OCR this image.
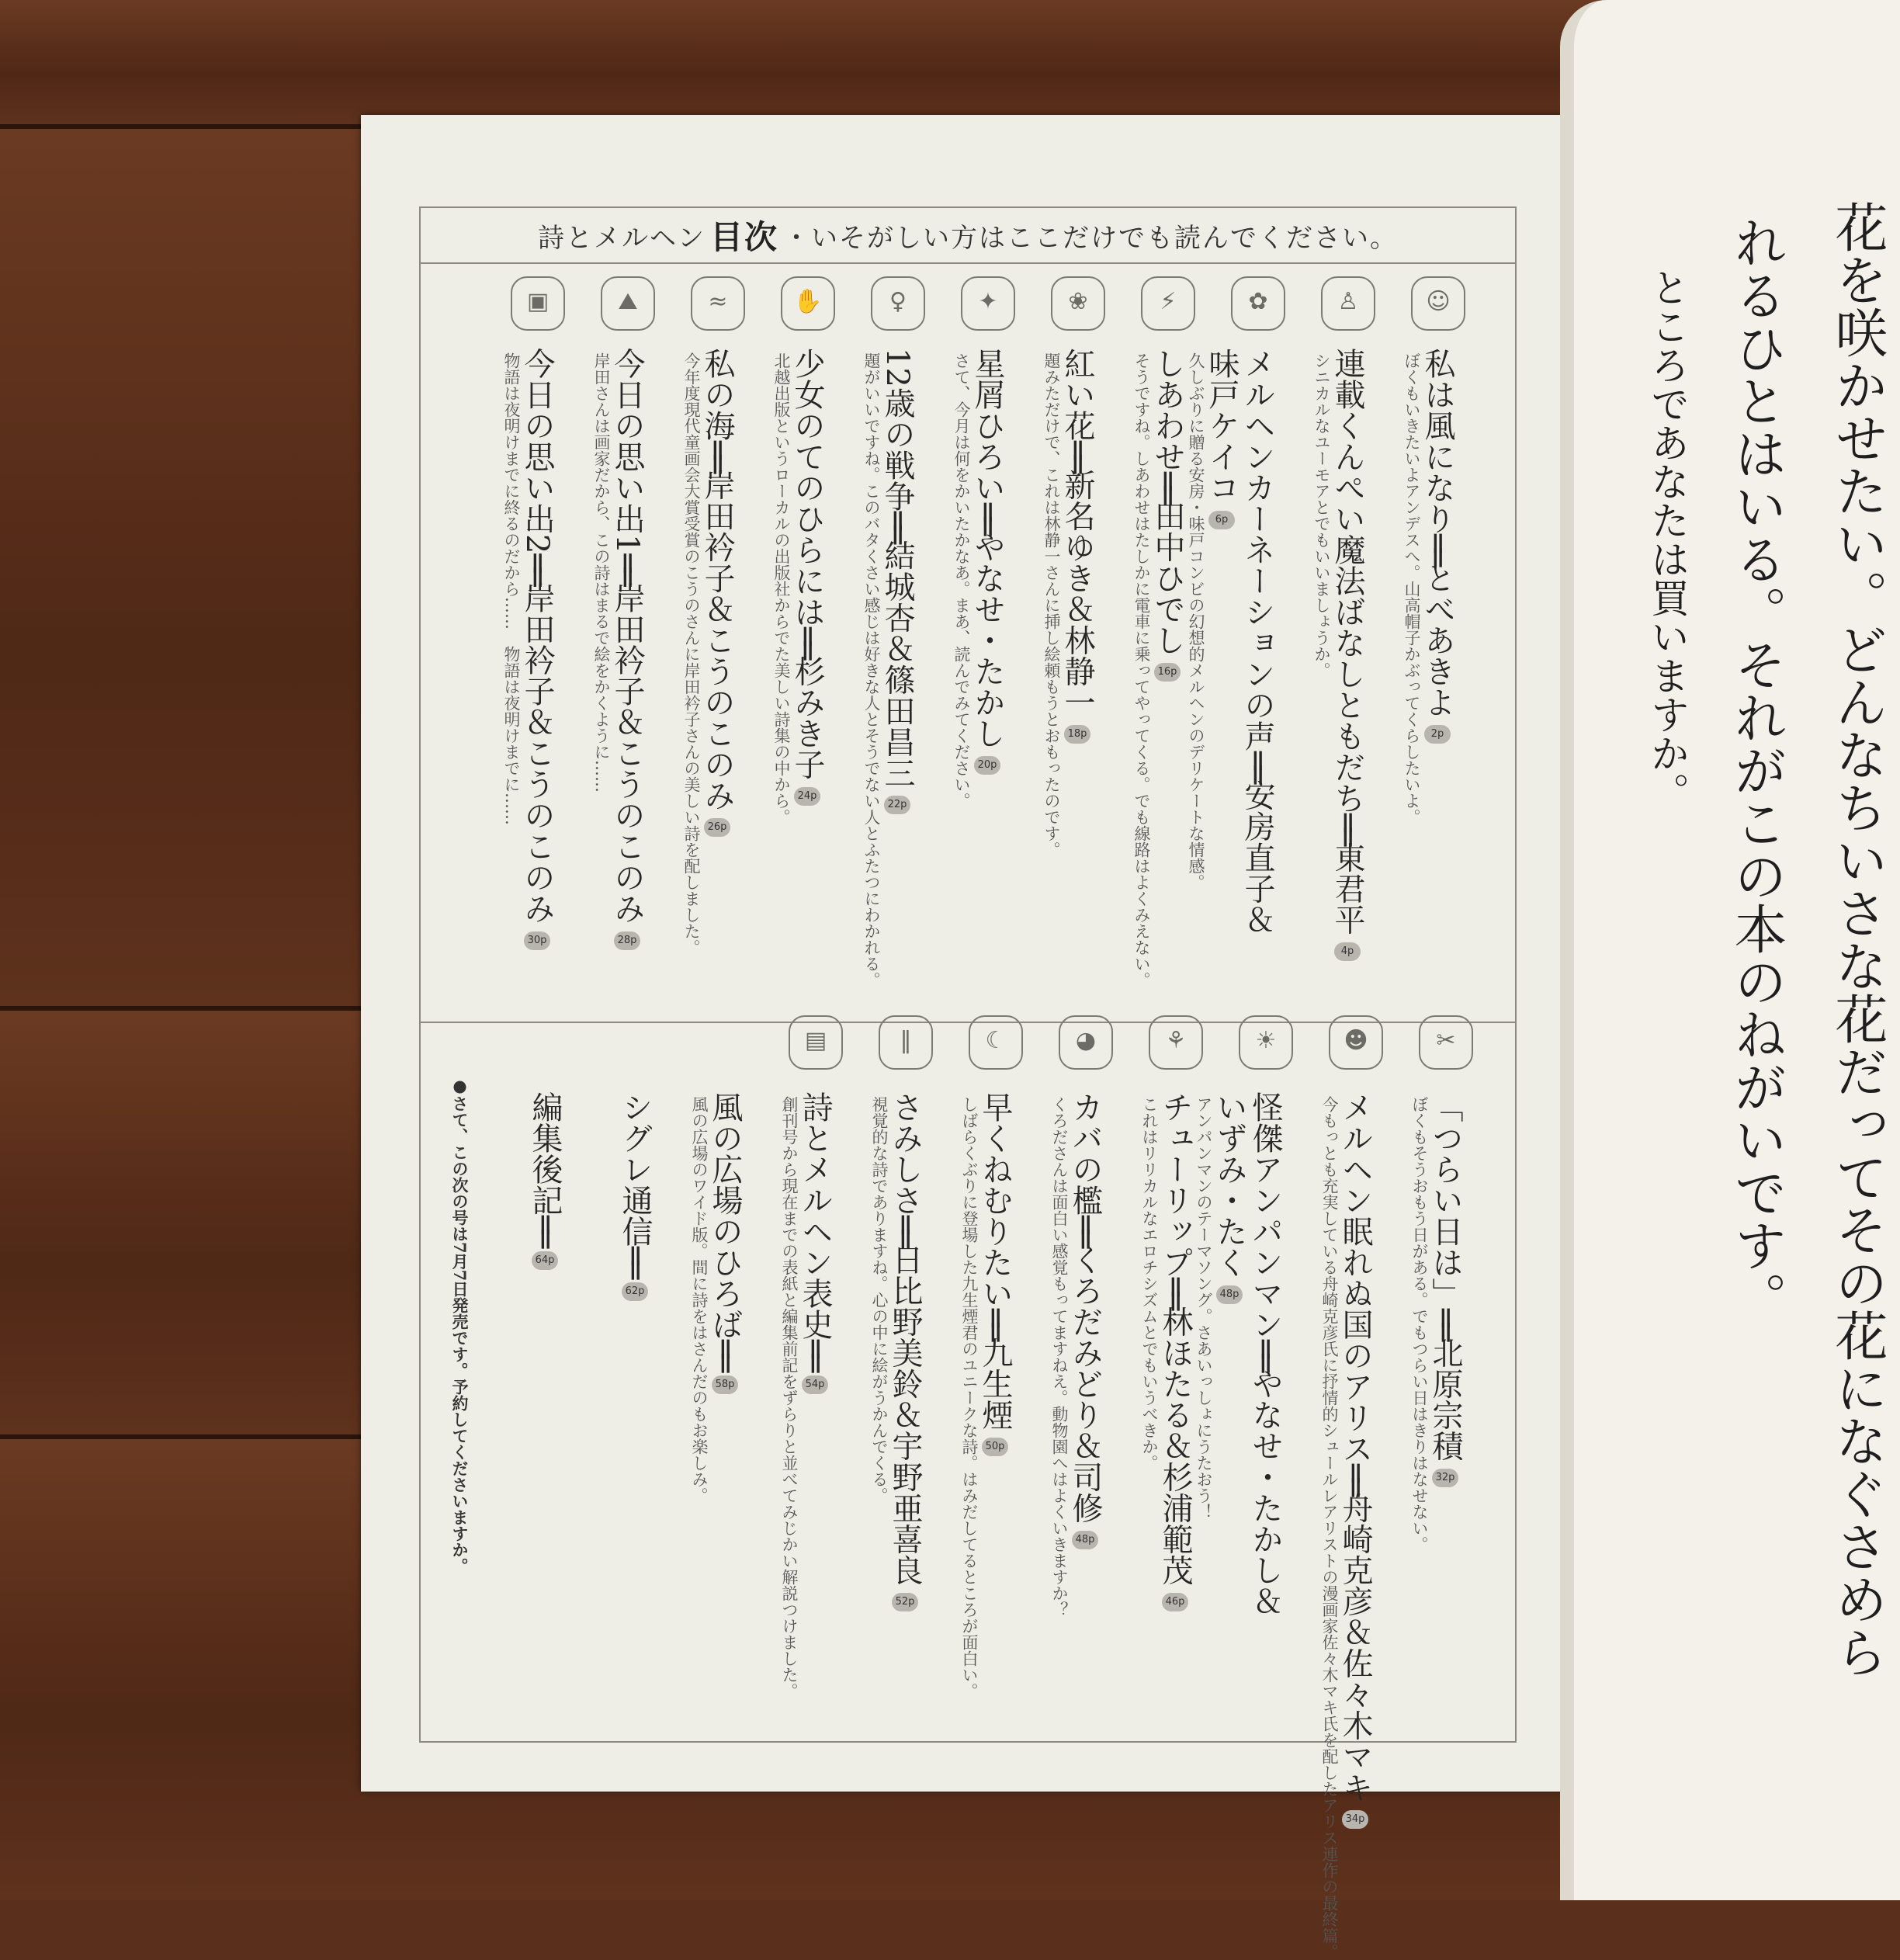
詩とメルヘン 目次 ・ いそがしい方はここだけでも読んでください。
☺
私は風になり══とべあきよ2p
ぼくもいきたいよアンデスへ。山高帽子かぶってくらしたいよ。
♙
連載くんぺい魔法ばなしともだち══東君平4p
シニカルなユーモアとでもいいましょうか。
✿
メルヘンカーネーションの声══安房直子＆
味戸ケイコ6p
久しぶりに贈る安房・味戸コンビの幻想的メルヘンのデリケートな情感。
⚡
しあわせ══田中ひでし16p
そうですね。しあわせはたしかに電車に乗ってやってくる。でも線路はよくみえない。
❀
紅い花══新名ゆき＆林静一18p
題みただけで、これは林静一さんに挿し絵頼もうとおもったのです。
✦
星屑ひろい══やなせ・たかし20p
さて、今月は何をかいたかなあ。まあ、読んでみてください。
♀
12歳の戦争══結城杏＆篠田昌三22p
題がいいですね。このバタくさい感じは好きな人とそうでない人とふたつにわかれる。
✋
少女のてのひらには══杉みき子24p
北越出版というローカルの出版社からでた美しい詩集の中から。
≈
私の海══岸田衿子＆こうのこのみ26p
今年度現代童画会大賞受賞のこうのさんに岸田衿子さんの美しい詩を配しました。
⛰
今日の思い出1══岸田衿子＆こうのこのみ28p
岸田さんは画家だから、この詩はまるで絵をかくように……
▣
今日の思い出2══岸田衿子＆こうのこのみ30p
物語は夜明けまでに終るのだから……　物語は夜明けまでに……
✂
「つらい日は」══北原宗積32p
ぼくもそうおもう日がある。でもつらい日はきりはなせない。
☻
メルヘン眠れぬ国のアリス══舟崎克彦＆佐々木マキ34p
今もっとも充実している舟崎克彦氏に抒情的シュールレアリストの漫画家佐々木マキ氏を配したアリス連作の最終篇。
☀
怪傑アンパンマン══やなせ・たかし＆
いずみ・たく48p
アンパンマンのテーマソング。さあいっしょにうたおう！
⚘
チューリップ══林ほたる＆杉浦範茂46p
これはリリカルなエロチシズムとでもいうべきか。
◕
カバの檻══くろだみどり＆司修48p
くろださんは面白い感覚もってますねえ。動物園へはよくいきますか？
☾
早くねむりたい══九生煙50p
しばらくぶりに登場した九生煙君のユニークな詩。はみだしてるところが面白い。
‖
さみしさ══日比野美鈴＆宇野亜喜良52p
視覚的な詩でありますね。心の中に絵がうかんでくる。
▤
詩とメルヘン表史══54p
創刊号から現在までの表紙と編集前記をずらりと並べてみじかい解説つけました。
風の広場のひろば══58p
風の広場のワイド版。間に詩をはさんだのもお楽しみ。
シグレ通信══62p
編集後記══64p
●さて、この次の号は7月7日発売です。予約してくださいますか。	花を咲かせたい。どんなちいさな花だってその花になぐさめら
れるひとはいる。それがこの本のねがいです。
ところであなたは買いますか。
